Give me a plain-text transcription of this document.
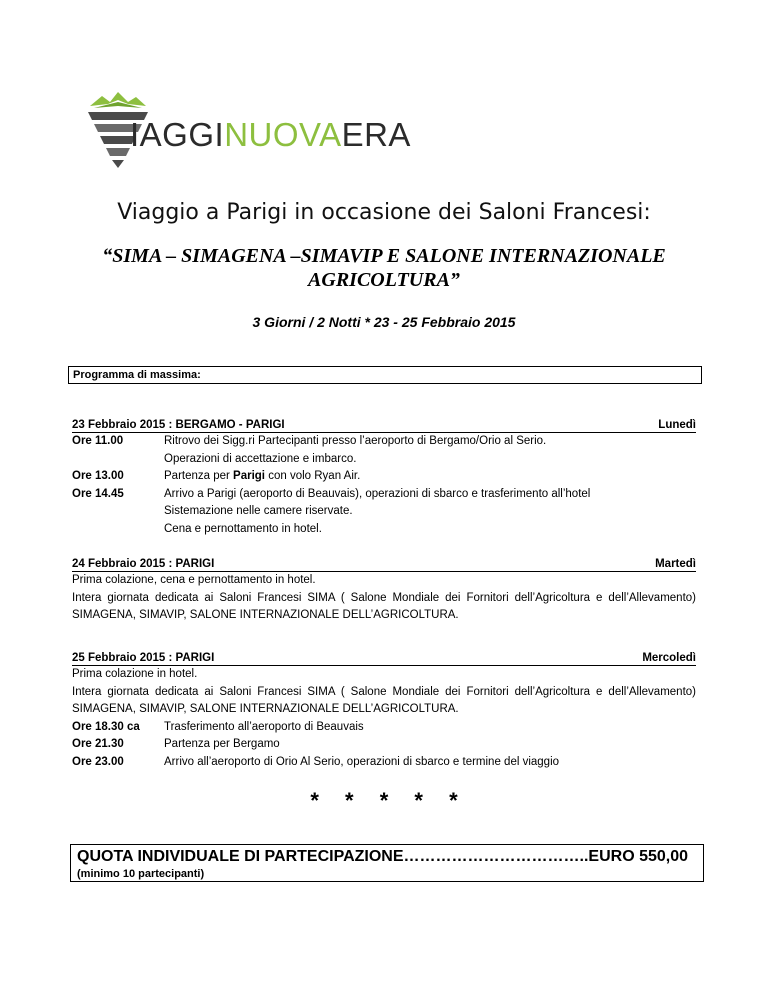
IAGGINUOVAERA
Viaggio a Parigi in occasione dei Saloni Francesi:
“SIMA – SIMAGENA –SIMAVIP E SALONE INTERNAZIONALE
AGRICOLTURA”
3 Giorni / 2 Notti * 23 - 25 Febbraio 2015
Programma di massima:
23 Febbraio 2015 : BERGAMO - PARIGI	Lunedì
Ore 11.00	Ritrovo dei Sigg.ri Partecipanti presso l’aeroporto di Bergamo/Orio al Serio.
Operazioni di accettazione e imbarco.
Ore 13.00	Partenza per Parigi con volo Ryan Air.
Ore 14.45	Arrivo a Parigi (aeroporto di Beauvais), operazioni di sbarco e trasferimento all’hotel
Sistemazione nelle camere riservate.
Cena e pernottamento in hotel.
24 Febbraio 2015 : PARIGI	Martedì
Prima colazione, cena e pernottamento in hotel.
Intera giornata dedicata ai Saloni Francesi SIMA ( Salone Mondiale dei Fornitori dell’Agricoltura e dell’Allevamento) SIMAGENA, SIMAVIP, SALONE INTERNAZIONALE DELL’AGRICOLTURA.
25 Febbraio 2015 : PARIGI	Mercoledì
Prima colazione in hotel.
Intera giornata dedicata ai Saloni Francesi SIMA ( Salone Mondiale dei Fornitori dell’Agricoltura e dell’Allevamento) SIMAGENA, SIMAVIP, SALONE INTERNAZIONALE DELL’AGRICOLTURA.
Ore 18.30 ca	Trasferimento all’aeroporto di Beauvais
Ore 21.30	Partenza per Bergamo
Ore 23.00	Arrivo all’aeroporto di Orio Al Serio, operazioni di sbarco e termine del viaggio
* * * * *
QUOTA INDIVIDUALE DI PARTECIPAZIONE……………………………..EURO 550,00
(minimo 10 partecipanti)
